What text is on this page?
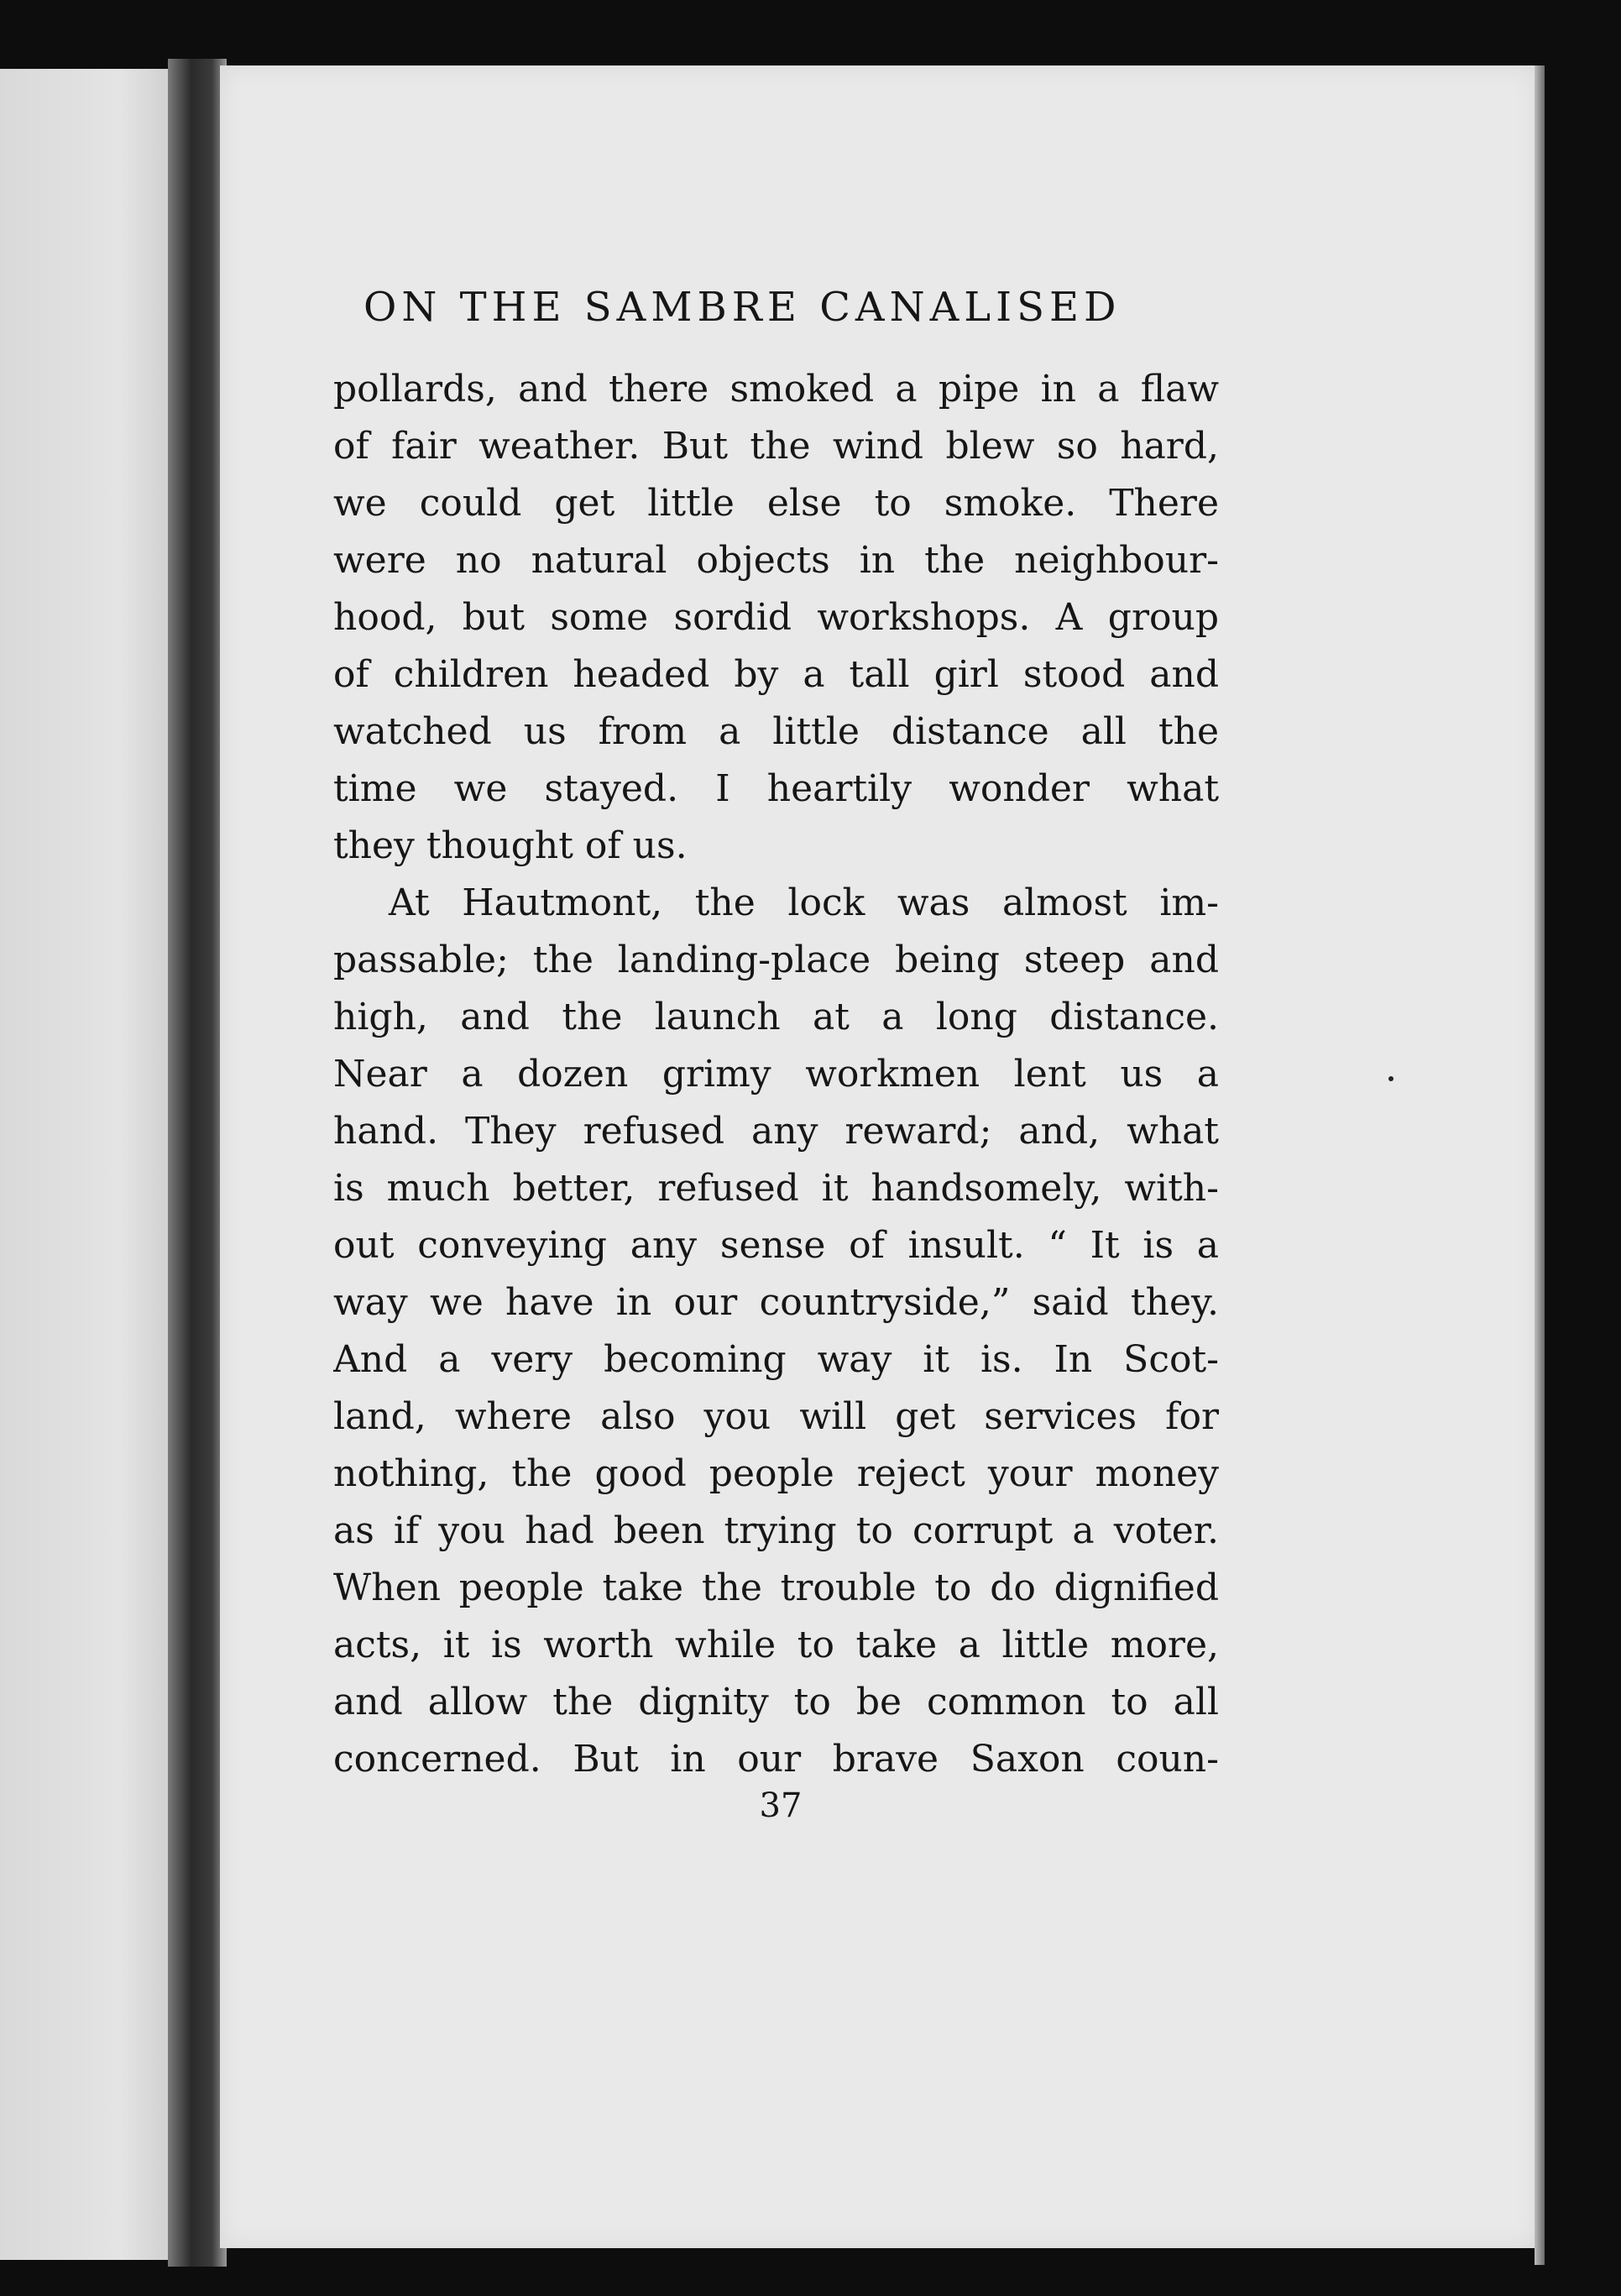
ON THE SAMBRE CANALISED
pollards, and there smoked a pipe in a flaw
of fair weather. But the wind blew so hard,
we could get little else to smoke. There
were no natural objects in the neighbour-
hood, but some sordid workshops. A group
of children headed by a tall girl stood and
watched us from a little distance all the
time we stayed. I heartily wonder what
they thought of us.
At Hautmont, the lock was almost im-
passable; the landing-place being steep and
high, and the launch at a long distance.
Near a dozen grimy workmen lent us a
hand. They refused any reward; and, what
is much better, refused it handsomely, with-
out conveying any sense of insult. “ It is a
way we have in our countryside,” said they.
And a very becoming way it is. In Scot-
land, where also you will get services for
nothing, the good people reject your money
as if you had been trying to corrupt a voter.
When people take the trouble to do dignified
acts, it is worth while to take a little more,
and allow the dignity to be common to all
concerned. But in our brave Saxon coun-
37
